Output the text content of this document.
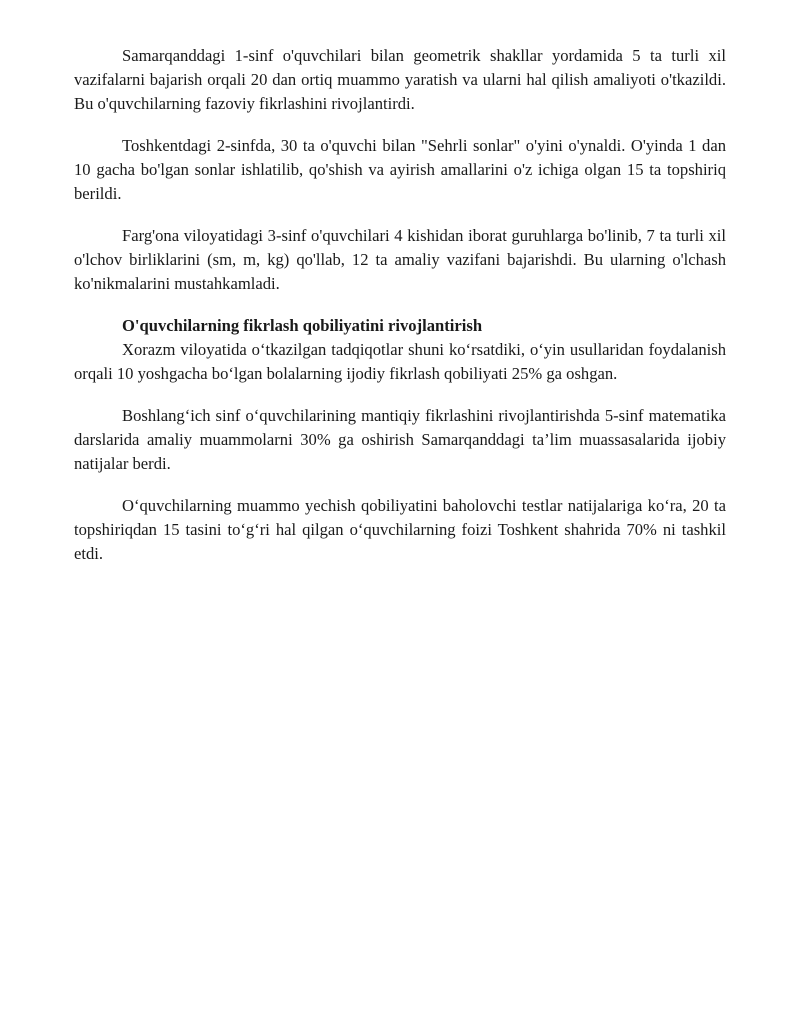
Samarqanddagi 1-sinf o'quvchilari bilan geometrik shakllar yordamida 5 ta turli xil vazifalarni bajarish orqali 20 dan ortiq muammo yaratish va ularni hal qilish amaliyoti o'tkazildi. Bu o'quvchilarning fazoviy fikrlashini rivojlantirdi.

Toshkentdagi 2-sinfda, 30 ta o'quvchi bilan "Sehrli sonlar" o'yini o'ynaldi. O'yinda 1 dan 10 gacha bo'lgan sonlar ishlatilib, qo'shish va ayirish amallarini o'z ichiga olgan 15 ta topshiriq berildi.

Farg'ona viloyatidagi 3-sinf o'quvchilari 4 kishidan iborat guruhlarga bo'linib, 7 ta turli xil o'lchov birliklarini (sm, m, kg) qo'llab, 12 ta amaliy vazifani bajarishdi. Bu ularning o'lchash ko'nikmalarini mustahkamladi.

O'quvchilarning fikrlash qobiliyatini rivojlantirish

Xorazm viloyatida o‘tkazilgan tadqiqotlar shuni ko‘rsatdiki, o‘yin usullaridan foydalanish orqali 10 yoshgacha bo‘lgan bolalarning ijodiy fikrlash qobiliyati 25% ga oshgan.

Boshlang‘ich sinf o‘quvchilarining mantiqiy fikrlashini rivojlantirishda 5-sinf matematika darslarida amaliy muammolarni 30% ga oshirish Samarqanddagi ta’lim muassasalarida ijobiy natijalar berdi.

O‘quvchilarning muammo yechish qobiliyatini baholovchi testlar natijalariga ko‘ra, 20 ta topshiriqdan 15 tasini to‘g‘ri hal qilgan o‘quvchilarning foizi Toshkent shahrida 70% ni tashkil etdi.
